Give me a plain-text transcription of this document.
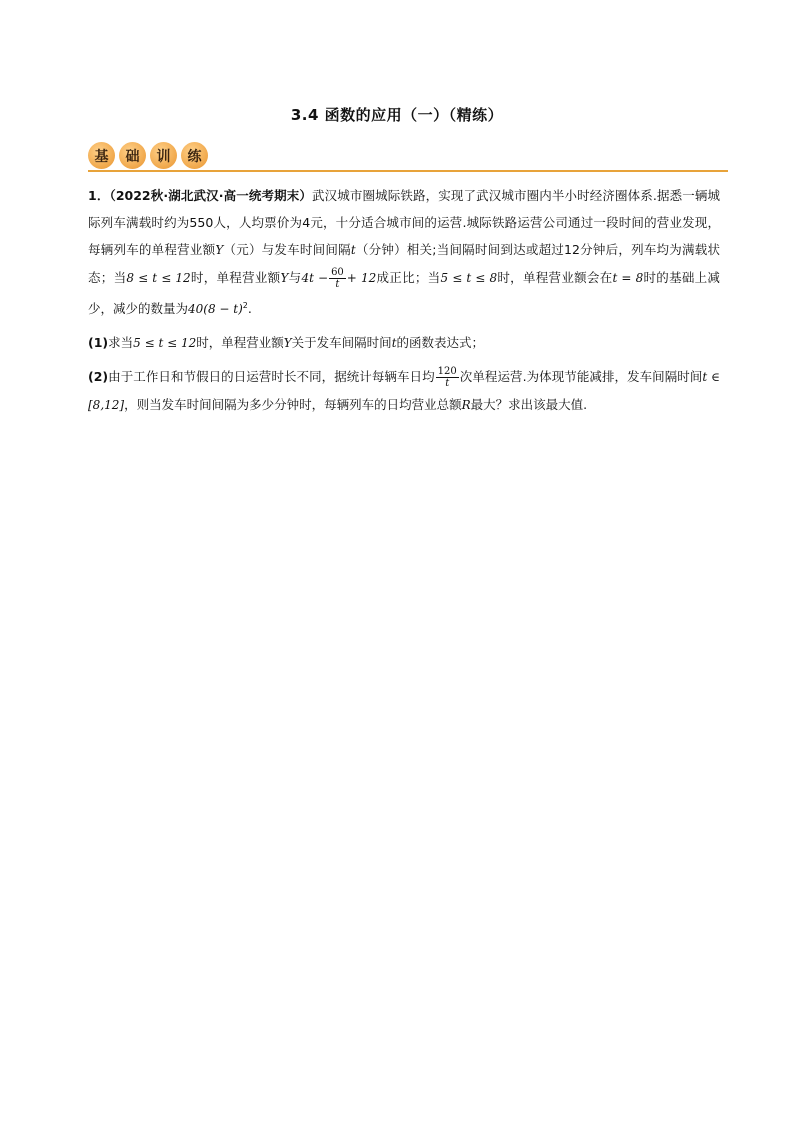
3.4 函数的应用（一）（精练）
基	础	训	练

1．（2022秋·湖北武汉·高一统考期末）武汉城市圈城际铁路，实现了武汉城市圈内半小时经济圈体系.据悉一辆城际列车满载时约为550人，人均票价为4元，十分适合城市间的运营.城际铁路运营公司通过一段时间的营业发现，每辆列车的单程营业额Y（元）与发车时间间隔t（分钟）相关;当间隔时间到达或超过12分钟后，列车均为满载状态；当8 ≤ t ≤ 12时，单程营业额Y与$4t - \frac{60}{t} + 12$成正比；当5 ≤ t ≤ 8时，单程营业额会在t = 8时的基础上减少，减少的数量为$40(8 - t)^2$.

(1)求当5 ≤ t ≤ 12时，单程营业额Y关于发车间隔时间t的函数表达式；

(2)由于工作日和节假日的日运营时长不同，据统计每辆车日均 $\frac{120}{t}$ 次单程运营.为体现节能减排，发车间隔时间t ∈ [8,12]，则当发车时间间隔为多少分钟时，每辆列车的日均营业总额R最大？求出该最大值.
